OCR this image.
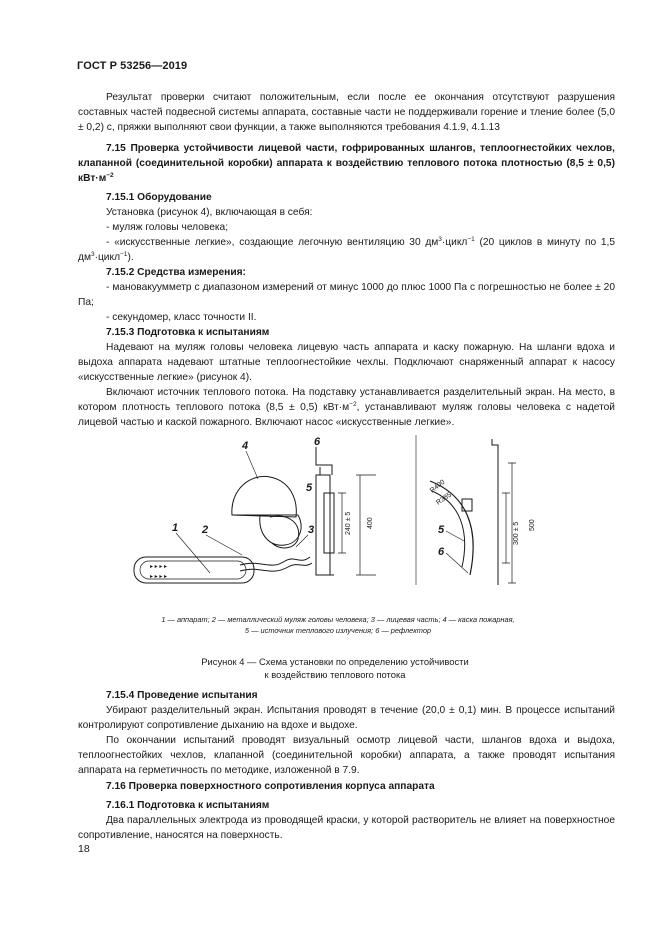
ГОСТ Р 53256—2019

Результат проверки считают положительным, если после ее окончания отсутствуют разрушения составных частей подвесной системы аппарата, составные части не поддерживали горение и тление более (5,0 ± 0,2) с, пряжки выполняют свои функции, а также выполняются требования 4.1.9, 4.1.13

7.15 Проверка устойчивости лицевой части, гофрированных шлангов, теплоогнестойких чехлов, клапанной (соединительной коробки) аппарата к воздействию теплового потока плотностью (8,5 ± 0,5) $кВт\cdot м^{-2}$

7.15.1 Оборудование

Установка (рисунок 4), включающая в себя:

- муляж головы человека;

- «искусственные легкие», создающие легочную вентиляцию 30 $дм^3\cdot цикл^{-1}$ (20 циклов в минуту по 1,5 $дм^3\cdot цикл^{-1}$).

7.15.2 Средства измерения:

- мановакуумметр с диапазоном измерений от минус 1000 до плюс 1000 Па с погрешностью не более ± 20 Па;

- секундомер, класс точности II.

7.15.3 Подготовка к испытаниям

Надевают на муляж головы человека лицевую часть аппарата и каску пожарную. На шланги вдоха и выдоха аппарата надевают штатные теплоогнестойкие чехлы. Подключают снаряженный аппарат к насосу «искусственные легкие» (рисунок 4).

Включают источник теплового потока. На подставку устанавливается разделительный экран. На место, в котором плотность теплового потока (8,5 ± 0,5) $кВт\cdot м^{-2}$, устанавливают муляж головы человека с надетой лицевой частью и каской пожарного. Включают насос «искусственные легкие».

▸ ▸ ▸ ▸
▸ ▸ ▸ ▸
240 ± 5 400
1 2	3
4
5
6
300 ± 5 500
R400
R385
5
6
1 — аппарат; 2 — металлический муляж головы человека; 3 — лицевая часть; 4 — каска пожарная,
5 — источник теплового излучения; 6 — рефлектор
Рисунок 4 — Схема установки по определению устойчивости
к воздействию теплового потока

7.15.4 Проведение испытания

Убирают разделительный экран. Испытания проводят в течение (20,0 ± 0,1) мин. В процессе испытаний контролируют сопротивление дыханию на вдохе и выдохе.

По окончании испытаний проводят визуальный осмотр лицевой части, шлангов вдоха и выдоха, теплоогнестойких чехлов, клапанной (соединительной коробки) аппарата, а также проводят испытания аппарата на герметичность по методике, изложенной в 7.9.

7.16 Проверка поверхностного сопротивления корпуса аппарата

7.16.1 Подготовка к испытаниям

Два параллельных электрода из проводящей краски, у которой растворитель не влияет на поверхностное сопротивление, наносятся на поверхность.

18
